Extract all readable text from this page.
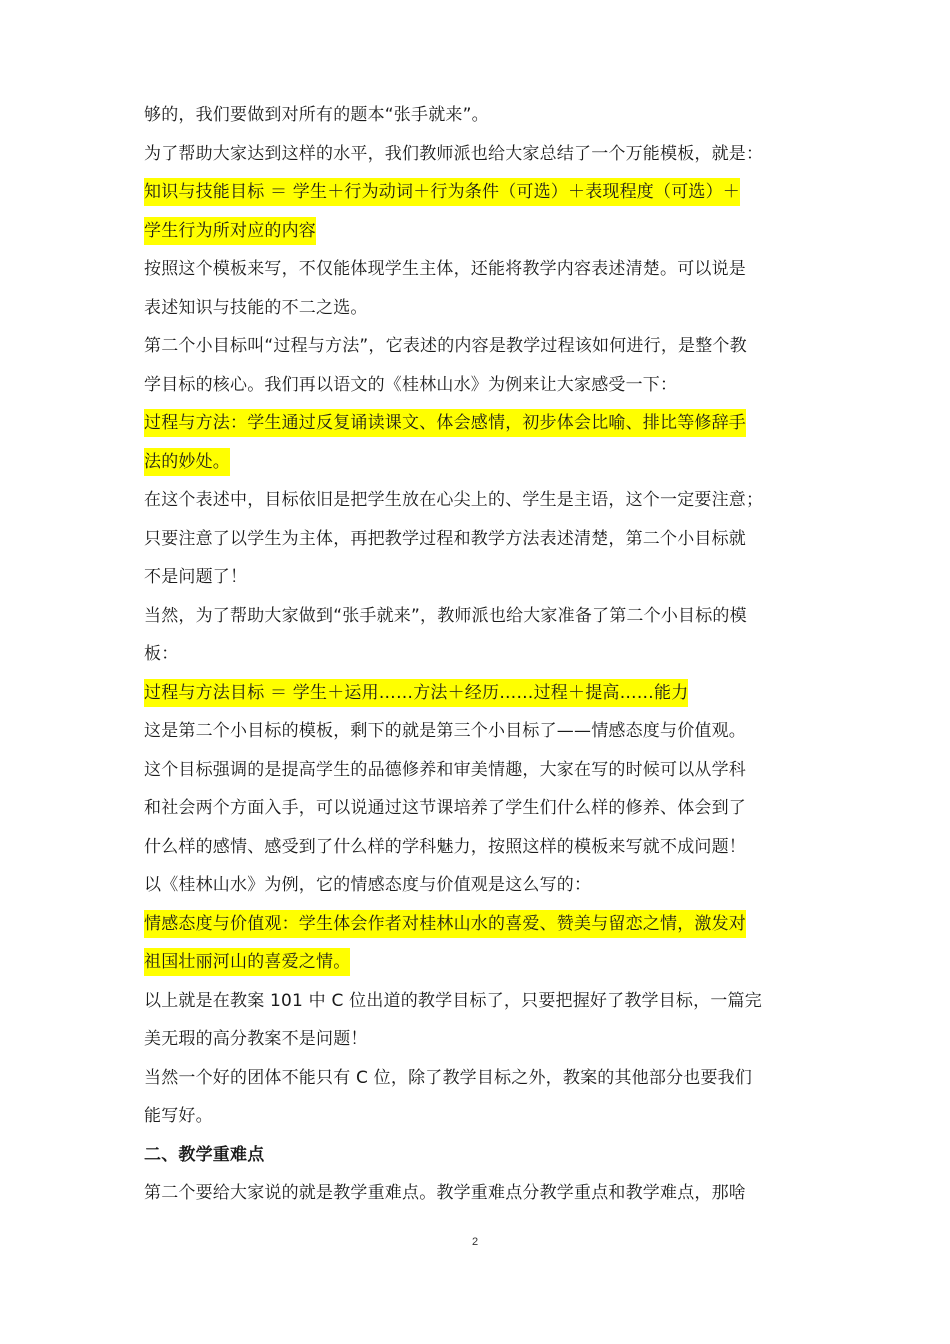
够的，我们要做到对所有的题本“张手就来”。
为了帮助大家达到这样的水平，我们教师派也给大家总结了一个万能模板，就是：
知识与技能目标 ＝ 学生＋行为动词＋行为条件（可选）＋表现程度（可选）＋
学生行为所对应的内容
按照这个模板来写，不仅能体现学生主体，还能将教学内容表述清楚。可以说是
表述知识与技能的不二之选。
第二个小目标叫“过程与方法”，它表述的内容是教学过程该如何进行，是整个教
学目标的核心。我们再以语文的《桂林山水》为例来让大家感受一下：
过程与方法：学生通过反复诵读课文、体会感情，初步体会比喻、排比等修辞手
法的妙处。
在这个表述中，目标依旧是把学生放在心尖上的、学生是主语，这个一定要注意；
只要注意了以学生为主体，再把教学过程和教学方法表述清楚，第二个小目标就
不是问题了！
当然，为了帮助大家做到“张手就来”，教师派也给大家准备了第二个小目标的模
板：
过程与方法目标 ＝ 学生＋运用……方法＋经历……过程＋提高……能力
这是第二个小目标的模板，剩下的就是第三个小目标了——情感态度与价值观。
这个目标强调的是提高学生的品德修养和审美情趣，大家在写的时候可以从学科
和社会两个方面入手，可以说通过这节课培养了学生们什么样的修养、体会到了
什么样的感情、感受到了什么样的学科魅力，按照这样的模板来写就不成问题！
以《桂林山水》为例，它的情感态度与价值观是这么写的：
情感态度与价值观：学生体会作者对桂林山水的喜爱、赞美与留恋之情，激发对
祖国壮丽河山的喜爱之情。
以上就是在教案 101 中 C 位出道的教学目标了，只要把握好了教学目标，一篇完
美无瑕的高分教案不是问题！
当然一个好的团体不能只有 C 位，除了教学目标之外，教案的其他部分也要我们
能写好。
二、教学重难点
第二个要给大家说的就是教学重难点。教学重难点分教学重点和教学难点，那啥
2
